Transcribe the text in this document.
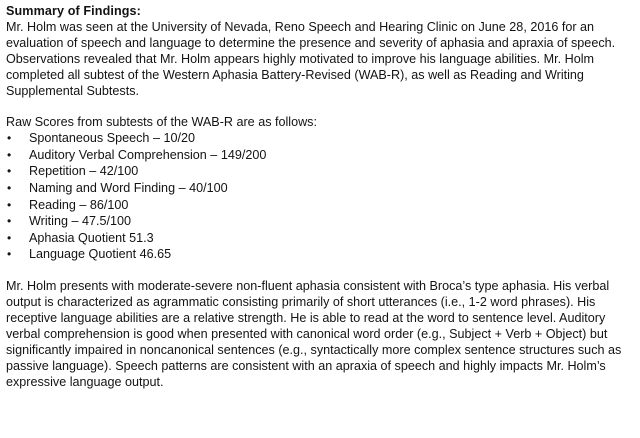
Summary of Findings:

Mr. Holm was seen at the University of Nevada, Reno Speech and Hearing Clinic on June 28, 2016 for an evaluation of speech and language to determine the presence and severity of aphasia and apraxia of speech. Observations revealed that Mr. Holm appears highly motivated to improve his language abilities. Mr. Holm completed all subtest of the Western Aphasia Battery-Revised (WAB-R), as well as Reading and Writing Supplemental Subtests.

Raw Scores from subtests of the WAB-R are as follows:

• Spontaneous Speech – 10/20
• Auditory Verbal Comprehension – 149/200
• Repetition – 42/100
• Naming and Word Finding – 40/100
• Reading – 86/100
• Writing – 47.5/100
• Aphasia Quotient 51.3
• Language Quotient 46.65

Mr. Holm presents with moderate-severe non-fluent aphasia consistent with Broca’s type aphasia. His verbal output is characterized as agrammatic consisting primarily of short utterances (i.e., 1-2 word phrases). His receptive language abilities are a relative strength. He is able to read at the word to sentence level. Auditory verbal comprehension is good when presented with canonical word order (e.g., Subject + Verb + Object) but significantly impaired in noncanonical sentences (e.g., syntactically more complex sentence structures such as passive language). Speech patterns are consistent with an apraxia of speech and highly impacts Mr. Holm’s expressive language output.
